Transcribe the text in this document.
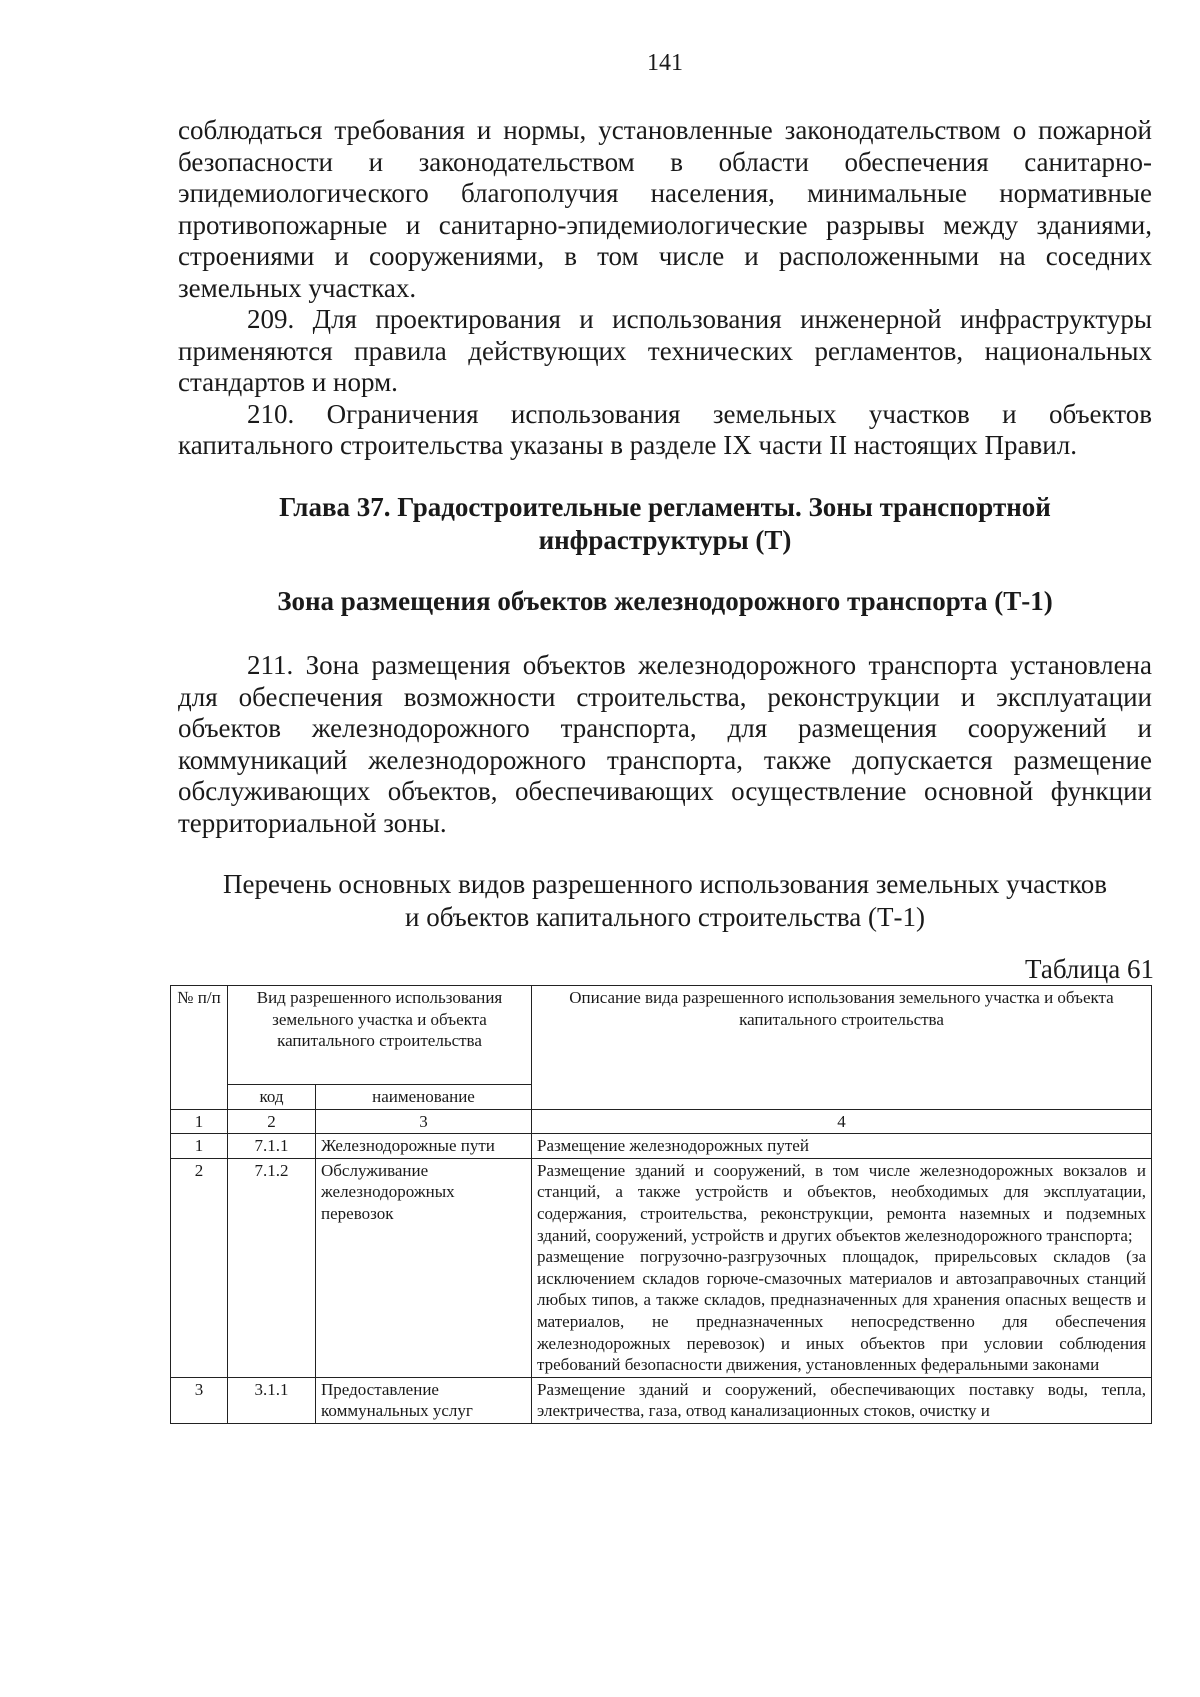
141

соблюдаться требования и нормы, установленные законодательством о пожарной безопасности и законодательством в области обеспечения санитарно-эпидемиологического благополучия населения, минимальные нормативные противопожарные и санитарно-эпидемиологические разрывы между зданиями, строениями и сооружениями, в том числе и расположенными на соседних земельных участках.

209. Для проектирования и использования инженерной инфраструктуры применяются правила действующих технических регламентов, национальных стандартов и норм.

210. Ограничения использования земельных участков и объектов капитального строительства указаны в разделе IX части II настоящих Правил.

Глава 37. Градостроительные регламенты. Зоны транспортной
инфраструктуры (Т)
Зона размещения объектов железнодорожного транспорта (Т-1)

211. Зона размещения объектов железнодорожного транспорта установлена для обеспечения возможности строительства, реконструкции и эксплуатации объектов железнодорожного транспорта, для размещения сооружений и коммуникаций железнодорожного транспорта, также допускается размещение обслуживающих объектов, обеспечивающих осуществление основной функции территориальной зоны.

Перечень основных видов разрешенного использования земельных участков
и объектов капитального строительства (Т-1)
Таблица 61
№ п/п	Вид разрешенного использования земельного участка и объекта капитального строительства		Описание вида разрешенного использования земельного участка и объекта капитального строительства
	код	наименование	
1	2	3	4
1	7.1.1	Железнодорожные пути	Размещение железнодорожных путей
2	7.1.2	Обслуживание железнодорожных перевозок	Размещение зданий и сооружений, в том числе железнодорожных вокзалов и станций, а также устройств и объектов, необходимых для эксплуатации, содержания, строительства, реконструкции, ремонта наземных и подземных зданий, сооружений, устройств и других объектов железнодорожного транспорта;
размещение погрузочно-разгрузочных площадок, прирельсовых складов (за исключением складов горюче-смазочных материалов и автозаправочных станций любых типов, а также складов, предназначенных для хранения опасных веществ и материалов, не предназначенных непосредственно для обеспечения железнодорожных перевозок) и иных объектов при условии соблюдения требований безопасности движения, установленных федеральными законами

3	3.1.1	Предоставление коммунальных услуг	Размещение зданий и сооружений, обеспечивающих поставку воды, тепла, электричества, газа, отвод канализационных стоков, очистку и
